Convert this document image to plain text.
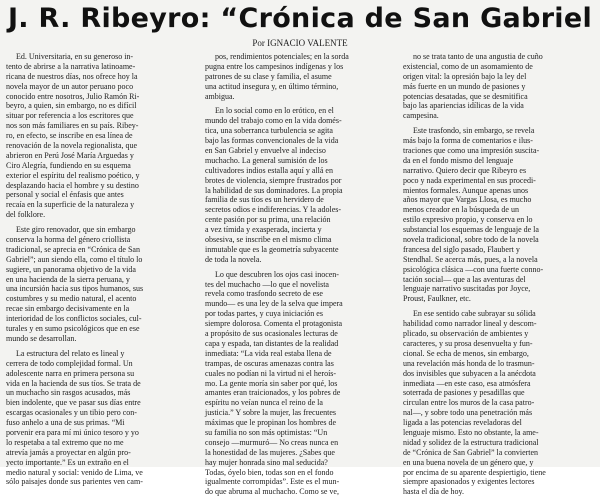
J. R. Ribeyro: “Crónica de San Gabriel
Por IGNACIO VALENTE
Ed. Universitaria, en su generoso in-
tento de abrirse a la narrativa latinoame-
ricana de nuestros días, nos ofrece hoy la
novela mayor de un autor peruano poco
conocido entre nosotros, Julio Ramón Ri-
beyro, a quien, sin embargo, no es difícil
situar por referencia a los escritores que
nos son más familiares en su país. Ribey-
ro, en efecto, se inscribe en esa línea de
renovación de la novela regionalista, que
abrieron en Perú José María Arguedas y
Ciro Alegría, fundiendo en su esquema
exterior el espíritu del realismo poético, y
desplazando hacia el hombre y su destino
personal y social el énfasis que antes
recaía en la superficie de la naturaleza y
del folklore.
Este giro renovador, que sin embargo
conserva la horma del género criollista
tradicional, se aprecia en “Crónica de San
Gabriel”; aun siendo ella, como el título lo
sugiere, un panorama objetivo de la vida
en una hacienda de la sierra peruana, y
una incursión hacia sus tipos humanos, sus
costumbres y su medio natural, el acento
recae sin embargo decisivamente en la
interioridad de los conflictos sociales, cul-
turales y en sumo psicológicos que en ese
mundo se desarrollan.
La estructura del relato es lineal y
cerrera de todo complejidad formal. Un
adolescente narra en primera persona su
vida en la hacienda de sus tíos. Se trata de
un muchacho sin rasgos acusados, más
bien indolente, que ve pasar sus días entre
escargas ocasionales y un tibio pero con-
fuso anhelo a una de sus primas. “Mi
porvenir era para mí mi único tesoro y yo
lo respetaba a tal extremo que no me
atrevía jamás a proyectar en algún pro-
yecto importante.” Es un extraño en el
medio natural y social: venido de Lima, ve
sólo paisajes donde sus parientes ven cam-
pos, rendimientos potenciales; en la sorda
pugna entre los campesinos indígenas y los
patrones de su clase y familia, el asume
una actitud insegura y, en último término,
ambigua.
En lo social como en lo erótico, en el
mundo del trabajo como en la vida domés-
tica, una soberranca turbulencia se agita
bajo las formas convencionales de la vida
en San Gabriel y envuelve al indeciso
muchacho. La general sumisión de los
cultivadores indios estalla aquí y allá en
brotes de violencia, siempre frustrados por
la habilidad de sus dominadores. La propia
familia de sus tíos es un hervidero de
secretos odios e indiferencias. Y la adoles-
cente pasión por su prima, una relación
a vez tímida y exasperada, incierta y
obsesiva, se inscribe en el mismo clima
inmutable que es la geometría subyacente
de toda la novela.
Lo que descubren los ojos casi inocen-
tes del muchacho —lo que el novelista
revela como trasfondo secreto de ese
mundo— es una ley de la selva que impera
por todas partes, y cuya iniciación es
siempre dolorosa. Comenta el protagonista
a propósito de sus ocasionales lecturas de
capa y espada, tan distantes de la realidad
inmediata: “La vida real estaba llena de
trampas, de oscuras amenazas contra las
cuales no podían ni la virtud ni el heroís-
mo. La gente moría sin saber por qué, los
amantes eran traicionados, y los pobres de
espíritu no veían nunca el reino de la
justicia.” Y sobre la mujer, las frecuentes
máximas que le propinan los hombres de
su familia no son más optimistas: “Un
consejo —murmuró— No creas nunca en
la honestidad de las mujeres. ¿Sabes que
hay mujer honrada sino mal seducida?
Todas, óyelo bien, todas son en el fondo
igualmente corrompidas”. Este es el mun-
do que abruma al muchacho. Como se ve,
no se trata tanto de una angustia de cuño
existencial, como de un asomamiento de
origen vital: la opresión bajo la ley del
más fuerte en un mundo de pasiones y
potencias desatadas, que se desmitifica
bajo las apariencias idílicas de la vida
campesina.
Este trasfondo, sin embargo, se revela
más bajo la forma de comentarios e ilus-
traciones que como una impresión suscita-
da en el fondo mismo del lenguaje
narrativo. Quiero decir que Ribeyro es
poco y nada experimental en sus procedi-
mientos formales. Aunque apenas unos
años mayor que Vargas Llosa, es mucho
menos creador en la búsqueda de un
estilo expresivo propio, y conserva en lo
substancial los esquemas de lenguaje de la
novela tradicional, sobre todo de la novela
francesa del siglo pasado, Flaubert y
Stendhal. Se acerca más, pues, a la novela
psicológica clásica —con una fuerte conno-
tación social— que a las aventuras del
lenguaje narrativo suscitadas por Joyce,
Proust, Faulkner, etc.
En ese sentido cabe subrayar su sólida
habilidad como narrador lineal y descom-
plicado, su observación de ambientes y
caracteres, y su prosa desenvuelta y fun-
cional. Se echa de menos, sin embargo,
una revelación más honda de lo trasmun-
dos invisibles que subyacen a la anécdota
inmediata —en este caso, esa atmósfera
soterrada de pasiones y pesadillas que
circulan entre los muros de la casa patro-
nal—, y sobre todo una penetración más
ligada a las potencias reveladoras del
lenguaje mismo. Esto no obstante, la ame-
nidad y solidez de la estructura tradicional
de “Crónica de San Gabriel” la convierten
en una buena novela de un género que, y
por encima de su aparente despiertigio, tiene
siempre apasionados y exigentes lectores
hasta el día de hoy.
